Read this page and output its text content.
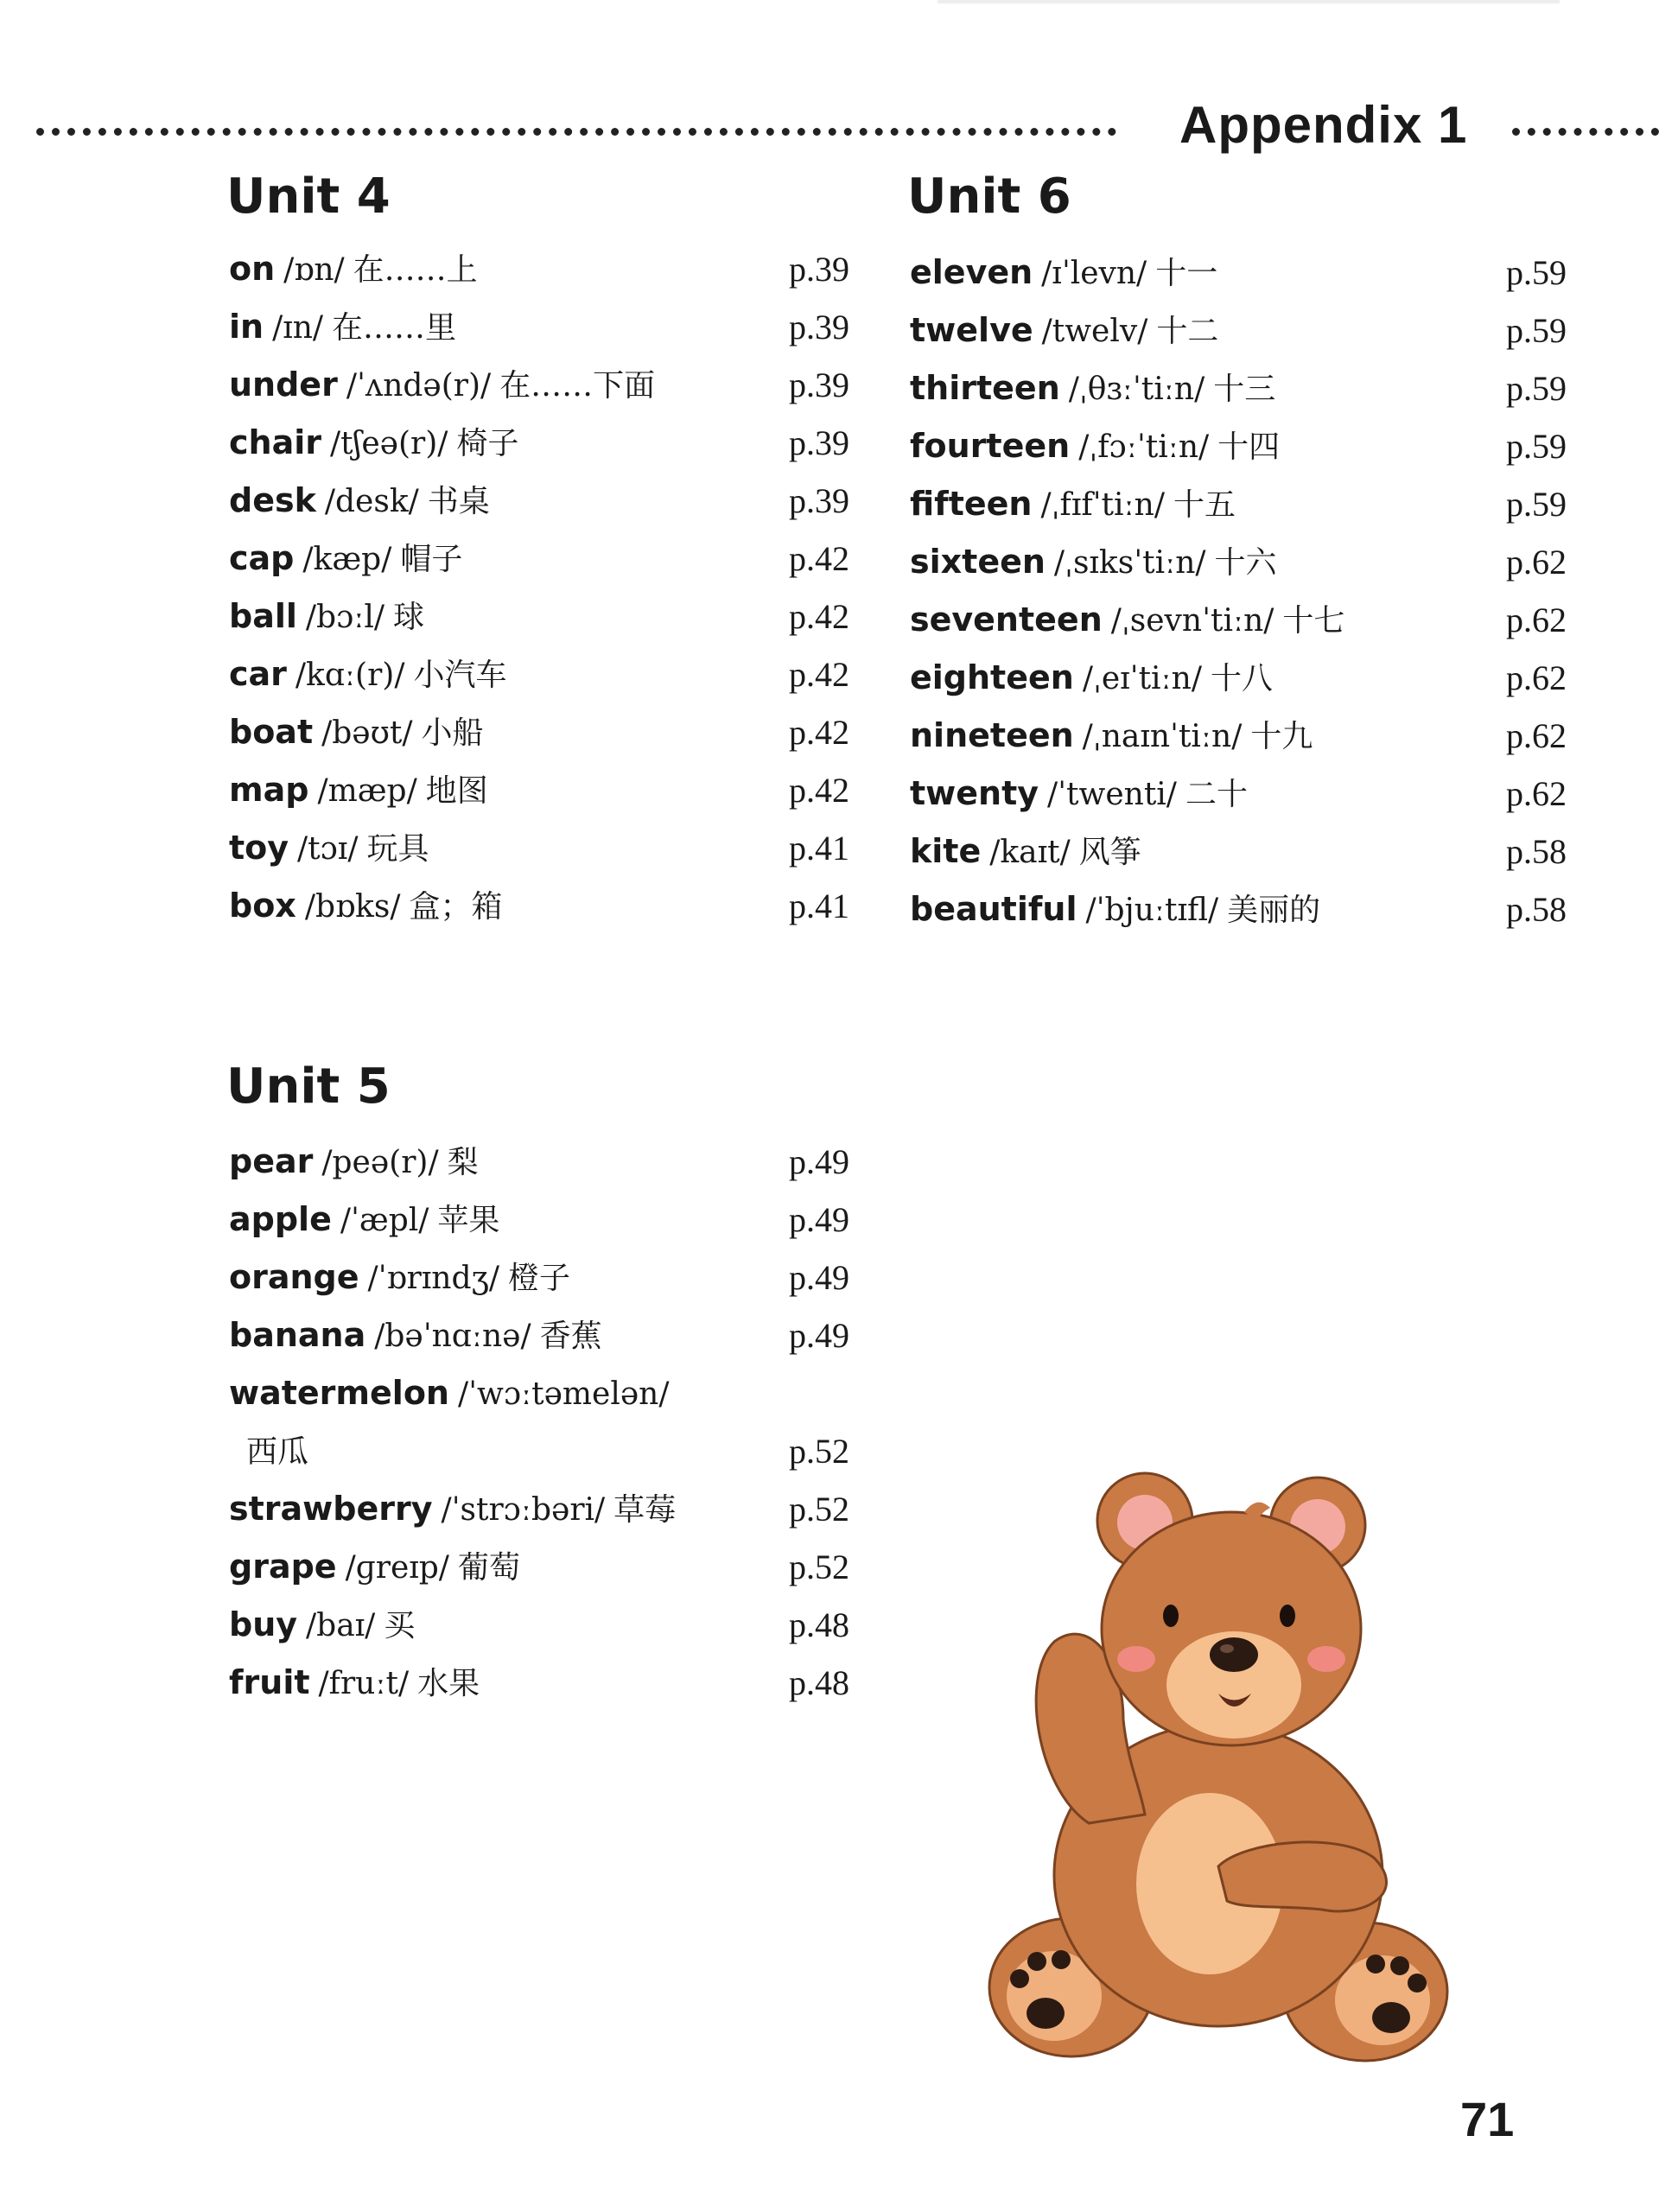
Appendix 1
Unit 4
on /ɒn/ 在……上	p.39
in /ɪn/ 在……里	p.39
under /ˈʌndə(r)/ 在……下面	p.39
chair /tʃeə(r)/ 椅子	p.39
desk /desk/ 书桌	p.39
cap /kæp/ 帽子	p.42
ball /bɔːl/ 球	p.42
car /kɑː(r)/ 小汽车	p.42
boat /bəʊt/ 小船	p.42
map /mæp/ 地图	p.42
toy /tɔɪ/ 玩具	p.41
box /bɒks/ 盒；箱	p.41
Unit 5
pear /peə(r)/ 梨	p.49
apple /ˈæpl/ 苹果	p.49
orange /ˈɒrɪndʒ/ 橙子	p.49
banana /bəˈnɑːnə/ 香蕉	p.49
watermelon /ˈwɔːtəmelən/
西瓜	p.52
strawberry /ˈstrɔːbəri/ 草莓	p.52
grape /ɡreɪp/ 葡萄	p.52
buy /baɪ/ 买	p.48
fruit /fruːt/ 水果	p.48
Unit 6
eleven /ɪˈlevn/ 十一	p.59
twelve /twelv/ 十二	p.59
thirteen /ˌθɜːˈtiːn/ 十三	p.59
fourteen /ˌfɔːˈtiːn/ 十四	p.59
fifteen /ˌfɪfˈtiːn/ 十五	p.59
sixteen /ˌsɪksˈtiːn/ 十六	p.62
seventeen /ˌsevnˈtiːn/ 十七	p.62
eighteen /ˌeɪˈtiːn/ 十八	p.62
nineteen /ˌnaɪnˈtiːn/ 十九	p.62
twenty /ˈtwenti/ 二十	p.62
kite /kaɪt/ 风筝	p.58
beautiful /ˈbjuːtɪfl/ 美丽的	p.58
71
